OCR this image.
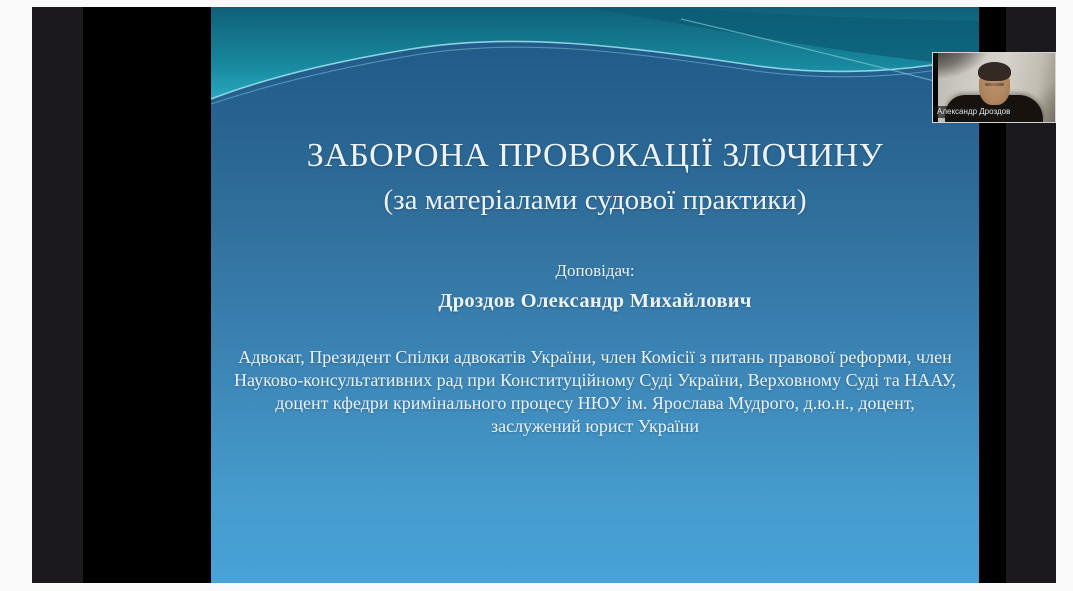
ЗАБОРОНА ПРОВОКАЦІЇ ЗЛОЧИНУ
(за матеріалами судової практики)
Доповідач:
Дроздов Олександр Михайлович
Адвокат, Президент Спілки адвокатів України, член Комісії з питань правової реформи, член Науково-консультативних рад при Конституційному Суді України, Верховному Суді та НААУ, доцент кфедри кримінального процесу НЮУ ім. Ярослава Мудрого, д.ю.н., доцент, заслужений юрист України
Александр Дроздов
